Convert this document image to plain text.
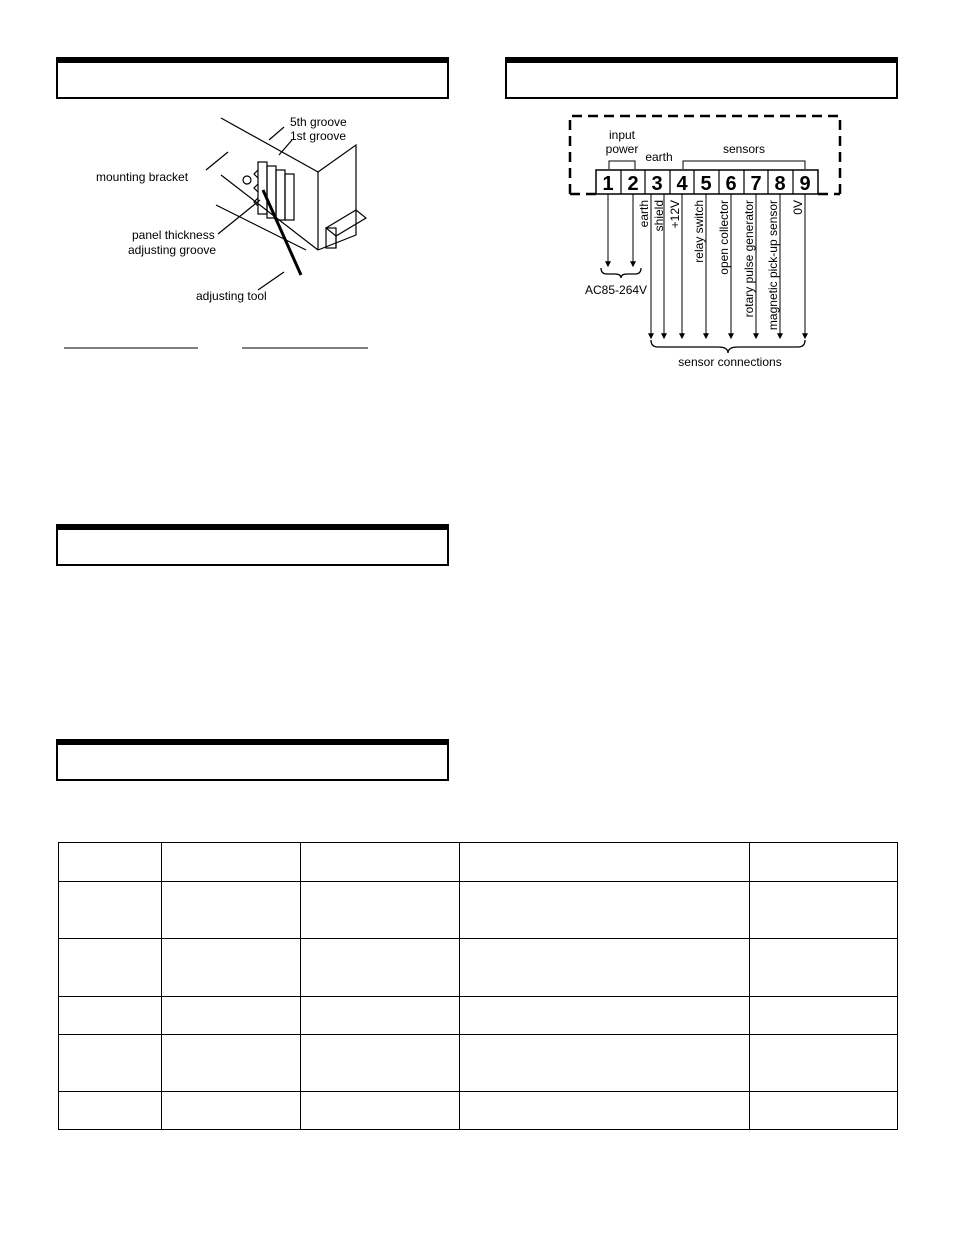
5th groove
1st groove
mounting bracket
panel thickness
adjusting groove
adjusting tool
input
power
earth
sensors
1 2 3 4 5 6 7 8 9
earth shield +12V relay switch open collector rotary pulse generator magnetic pick-up sensor 0V
AC85-264V
sensor connections
